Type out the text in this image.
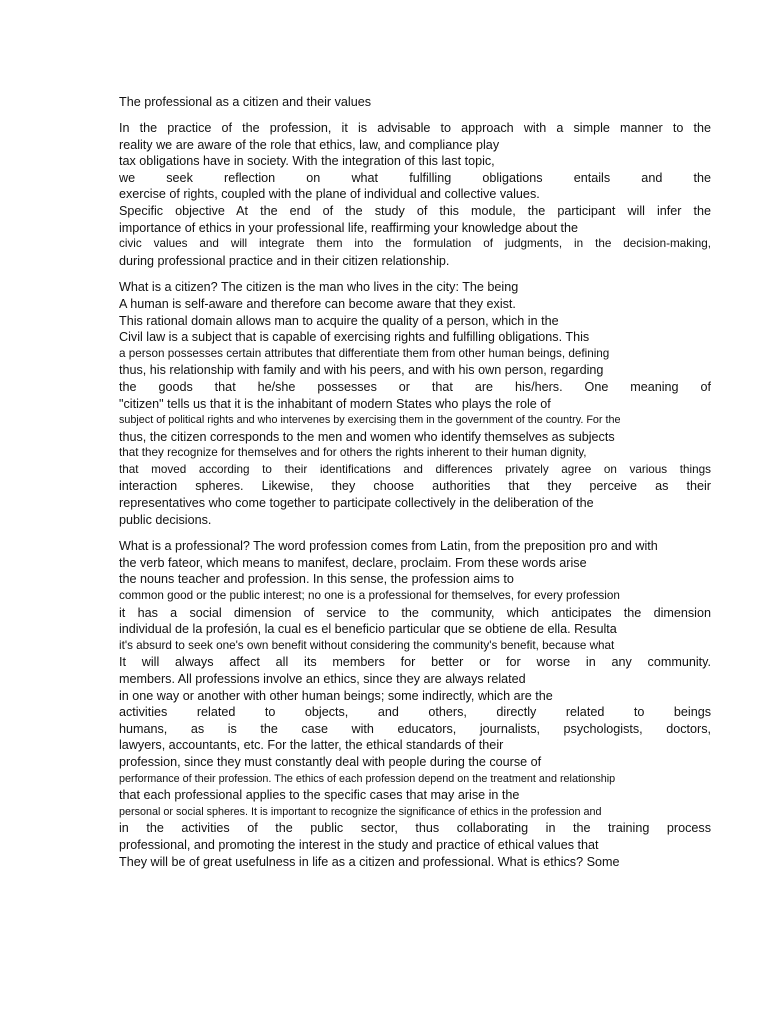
The professional as a citizen and their values
In the practice of the profession, it is advisable to approach with a simple manner to the
reality we are aware of the role that ethics, law, and compliance play
tax obligations have in society. With the integration of this last topic,
we seek reflection on what fulfilling obligations entails and the
exercise of rights, coupled with the plane of individual and collective values.
Specific objective At the end of the study of this module, the participant will infer the
importance of ethics in your professional life, reaffirming your knowledge about the
civic values and will integrate them into the formulation of judgments, in the decision-making,
during professional practice and in their citizen relationship.
What is a citizen? The citizen is the man who lives in the city: The being
A human is self-aware and therefore can become aware that they exist.
This rational domain allows man to acquire the quality of a person, which in the
Civil law is a subject that is capable of exercising rights and fulfilling obligations. This
a person possesses certain attributes that differentiate them from other human beings, defining
thus, his relationship with family and with his peers, and with his own person, regarding
the goods that he/she possesses or that are his/hers. One meaning of
"citizen" tells us that it is the inhabitant of modern States who plays the role of
subject of political rights and who intervenes by exercising them in the government of the country. For the
thus, the citizen corresponds to the men and women who identify themselves as subjects
that they recognize for themselves and for others the rights inherent to their human dignity,
that moved according to their identifications and differences privately agree on various things
interaction spheres. Likewise, they choose authorities that they perceive as their
representatives who come together to participate collectively in the deliberation of the
public decisions.
What is a professional? The word profession comes from Latin, from the preposition pro and with
the verb fateor, which means to manifest, declare, proclaim. From these words arise
the nouns teacher and profession. In this sense, the profession aims to
common good or the public interest; no one is a professional for themselves, for every profession
it has a social dimension of service to the community, which anticipates the dimension
individual de la profesión, la cual es el beneficio particular que se obtiene de ella. Resulta
it's absurd to seek one's own benefit without considering the community's benefit, because what
It will always affect all its members for better or for worse in any community.
members. All professions involve an ethics, since they are always related
in one way or another with other human beings; some indirectly, which are the
activities related to objects, and others, directly related to beings
humans, as is the case with educators, journalists, psychologists, doctors,
lawyers, accountants, etc. For the latter, the ethical standards of their
profession, since they must constantly deal with people during the course of
performance of their profession. The ethics of each profession depend on the treatment and relationship
that each professional applies to the specific cases that may arise in the
personal or social spheres. It is important to recognize the significance of ethics in the profession and
in the activities of the public sector, thus collaborating in the training process
professional, and promoting the interest in the study and practice of ethical values that
They will be of great usefulness in life as a citizen and professional. What is ethics? Some
